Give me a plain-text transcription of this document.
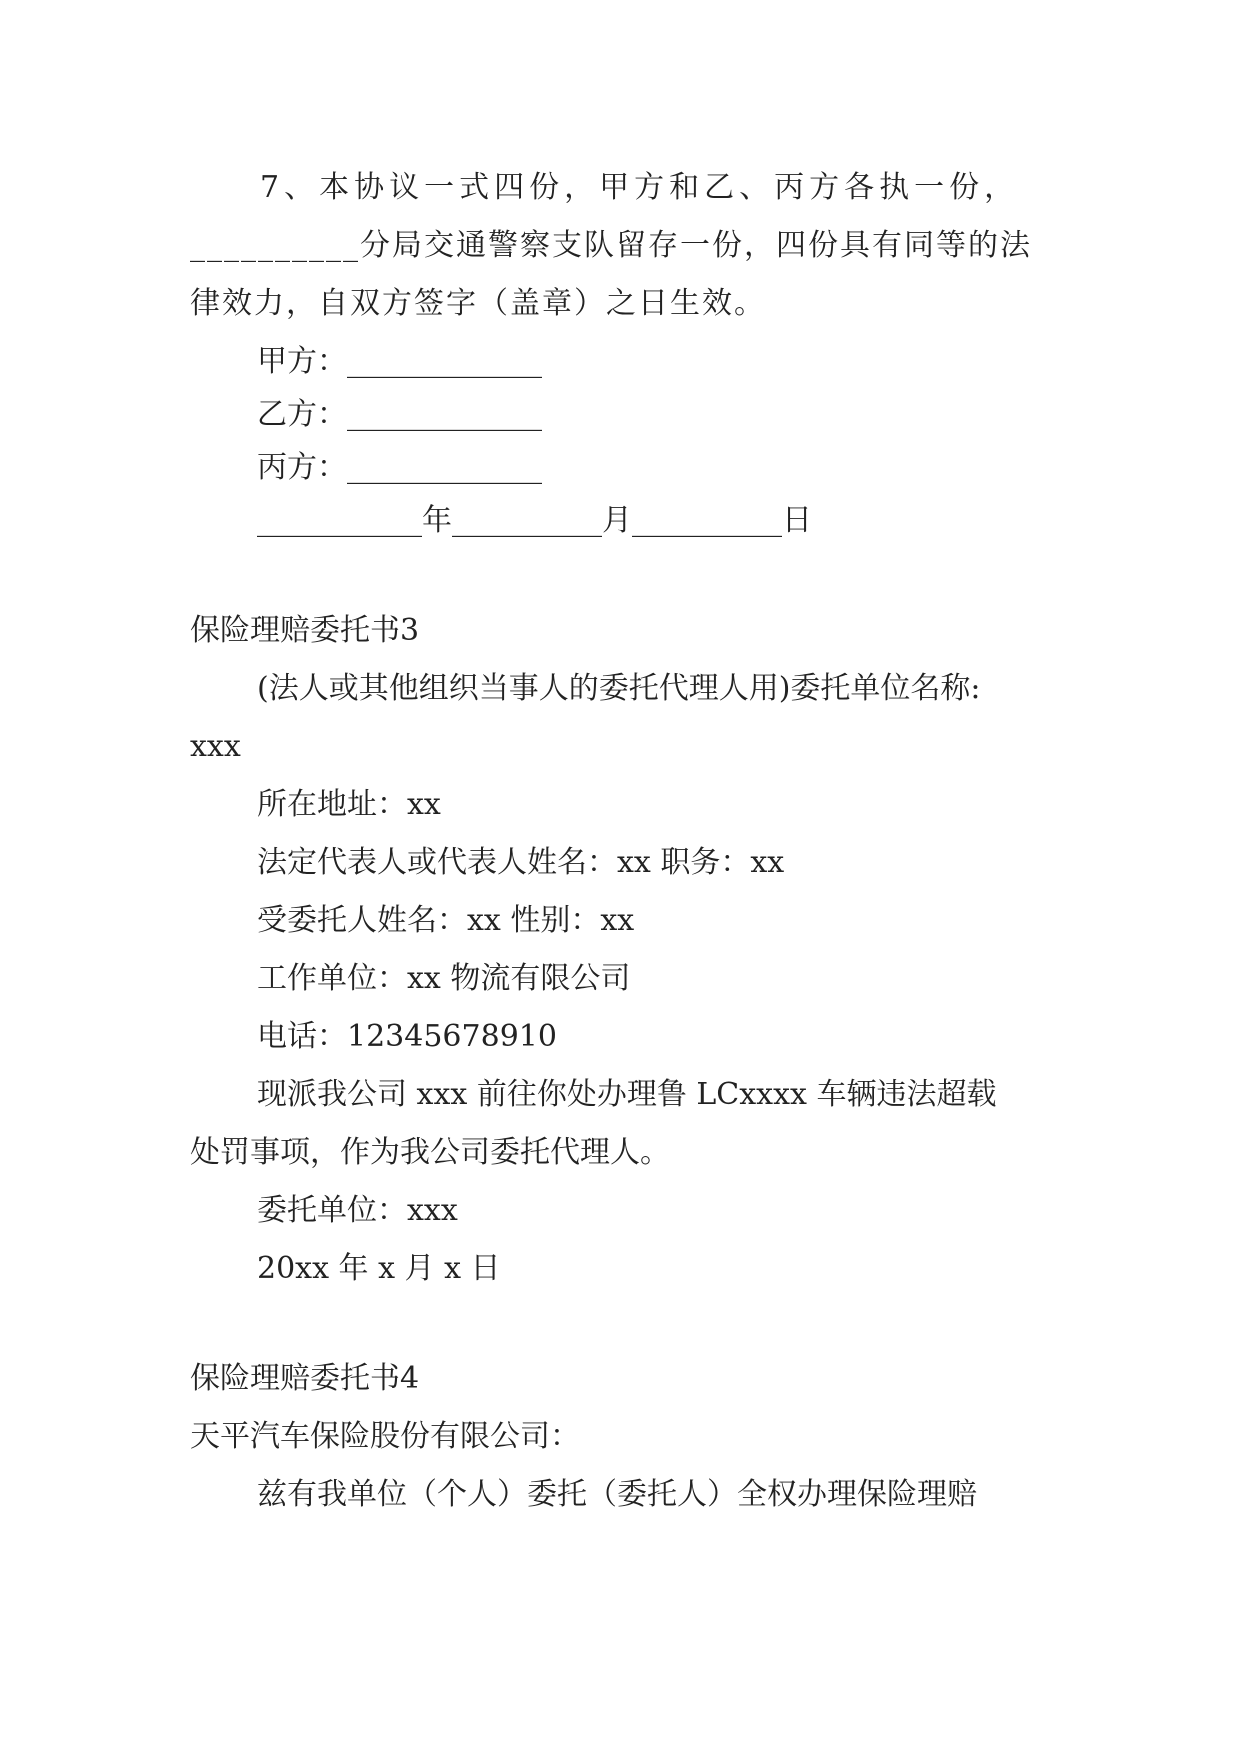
7、本协议一式四份，甲方和乙、丙方各执一份，
__________分局交通警察支队留存一份，四份具有同等的法
律效力，自双方签字（盖章）之日生效。
甲方：_____________
乙方：_____________
丙方：_____________
___________年__________月__________日
保险理赔委托书3
(法人或其他组织当事人的委托代理人用)委托单位名称:
xxx
所在地址：xx
法定代表人或代表人姓名：xx 职务：xx
受委托人姓名：xx 性别：xx
工作单位：xx 物流有限公司
电话：12345678910
现派我公司 xxx 前往你处办理鲁 LCxxxx 车辆违法超载
处罚事项，作为我公司委托代理人。
委托单位：xxx
20xx 年 x 月 x 日
保险理赔委托书4
天平汽车保险股份有限公司：
兹有我单位（个人）委托（委托人）全权办理保险理赔
